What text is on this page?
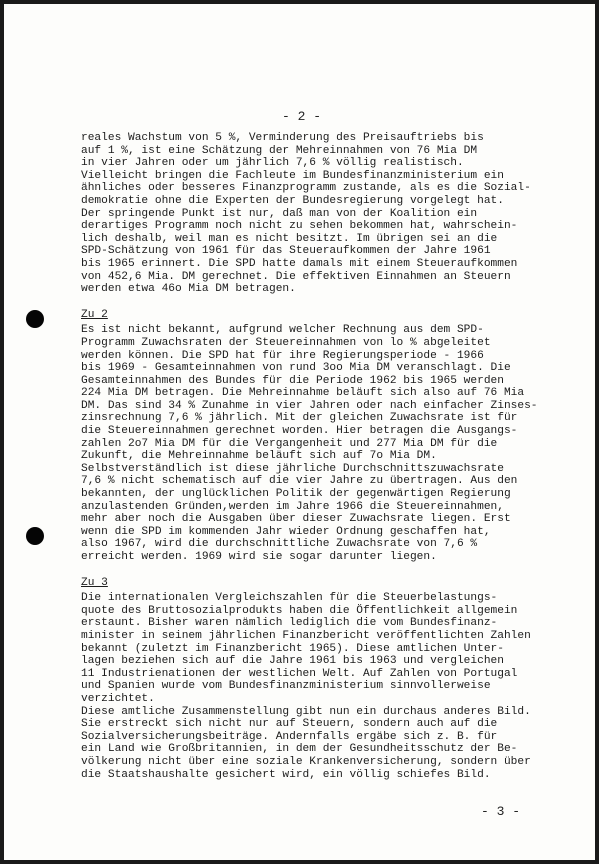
- 2 -

reales Wachstum von 5 %, Verminderung des Preisauftriebs bis
auf 1 %, ist eine Schätzung der Mehreinnahmen von 76 Mia DM
in vier Jahren oder um jährlich 7,6 % völlig realistisch.

Vielleicht bringen die Fachleute im Bundesfinanzministerium ein
ähnliches oder besseres Finanzprogramm zustande, als es die Sozial-
demokratie ohne die Experten der Bundesregierung vorgelegt hat.
Der springende Punkt ist nur, daß man von der Koalition ein
derartiges Programm noch nicht zu sehen bekommen hat, wahrschein-
lich deshalb, weil man es nicht besitzt. Im übrigen sei an die
SPD-Schätzung von 1961 für das Steueraufkommen der Jahre 1961
bis 1965 erinnert. Die SPD hatte damals mit einem Steueraufkommen
von 452,6 Mia. DM gerechnet. Die effektiven Einnahmen an Steuern
werden etwa 46o Mia DM betragen.

Zu 2

Es ist nicht bekannt, aufgrund welcher Rechnung aus dem SPD-
Programm Zuwachsraten der Steuereinnahmen von lo % abgeleitet
werden können. Die SPD hat für ihre Regierungsperiode - 1966
bis 1969 - Gesamteinnahmen von rund 3oo Mia DM veranschlagt. Die
Gesamteinnahmen des Bundes für die Periode 1962 bis 1965 werden
224 Mia DM betragen. Die Mehreinnahme beläuft sich also auf 76 Mia
DM. Das sind 34 % Zunahme in vier Jahren oder nach einfacher Zinses-
zinsrechnung 7,6 % jährlich. Mit der gleichen Zuwachsrate ist für
die Steuereinnahmen gerechnet worden. Hier betragen die Ausgangs-
zahlen 2o7 Mia DM für die Vergangenheit und 277 Mia DM für die
Zukunft, die Mehreinnahme beläuft sich auf 7o Mia DM.

Selbstverständlich ist diese jährliche Durchschnittszuwachsrate
7,6 % nicht schematisch auf die vier Jahre zu übertragen. Aus den
bekannten, der unglücklichen Politik der gegenwärtigen Regierung
anzulastenden Gründen,werden im Jahre 1966 die Steuereinnahmen,
mehr aber noch die Ausgaben über dieser Zuwachsrate liegen. Erst
wenn die SPD im kommenden Jahr wieder Ordnung geschaffen hat,
also 1967, wird die durchschnittliche Zuwachsrate von 7,6 %
erreicht werden. 1969 wird sie sogar darunter liegen.

Zu 3

Die internationalen Vergleichszahlen für die Steuerbelastungs-
quote des Bruttosozialprodukts haben die Öffentlichkeit allgemein
erstaunt. Bisher waren nämlich lediglich die vom Bundesfinanz-
minister in seinem jährlichen Finanzbericht veröffentlichten Zahlen
bekannt (zuletzt im Finanzbericht 1965). Diese amtlichen Unter-
lagen beziehen sich auf die Jahre 1961 bis 1963 und vergleichen
11 Industrienationen der westlichen Welt. Auf Zahlen von Portugal
und Spanien wurde vom Bundesfinanzministerium sinnvollerweise
verzichtet.

Diese amtliche Zusammenstellung gibt nun ein durchaus anderes Bild.
Sie erstreckt sich nicht nur auf Steuern, sondern auch auf die
Sozialversicherungsbeiträge. Andernfalls ergäbe sich z. B. für
ein Land wie Großbritannien, in dem der Gesundheitsschutz der Be-
völkerung nicht über eine soziale Krankenversicherung, sondern über
die Staatshaushalte gesichert wird, ein völlig schiefes Bild.

- 3 -
